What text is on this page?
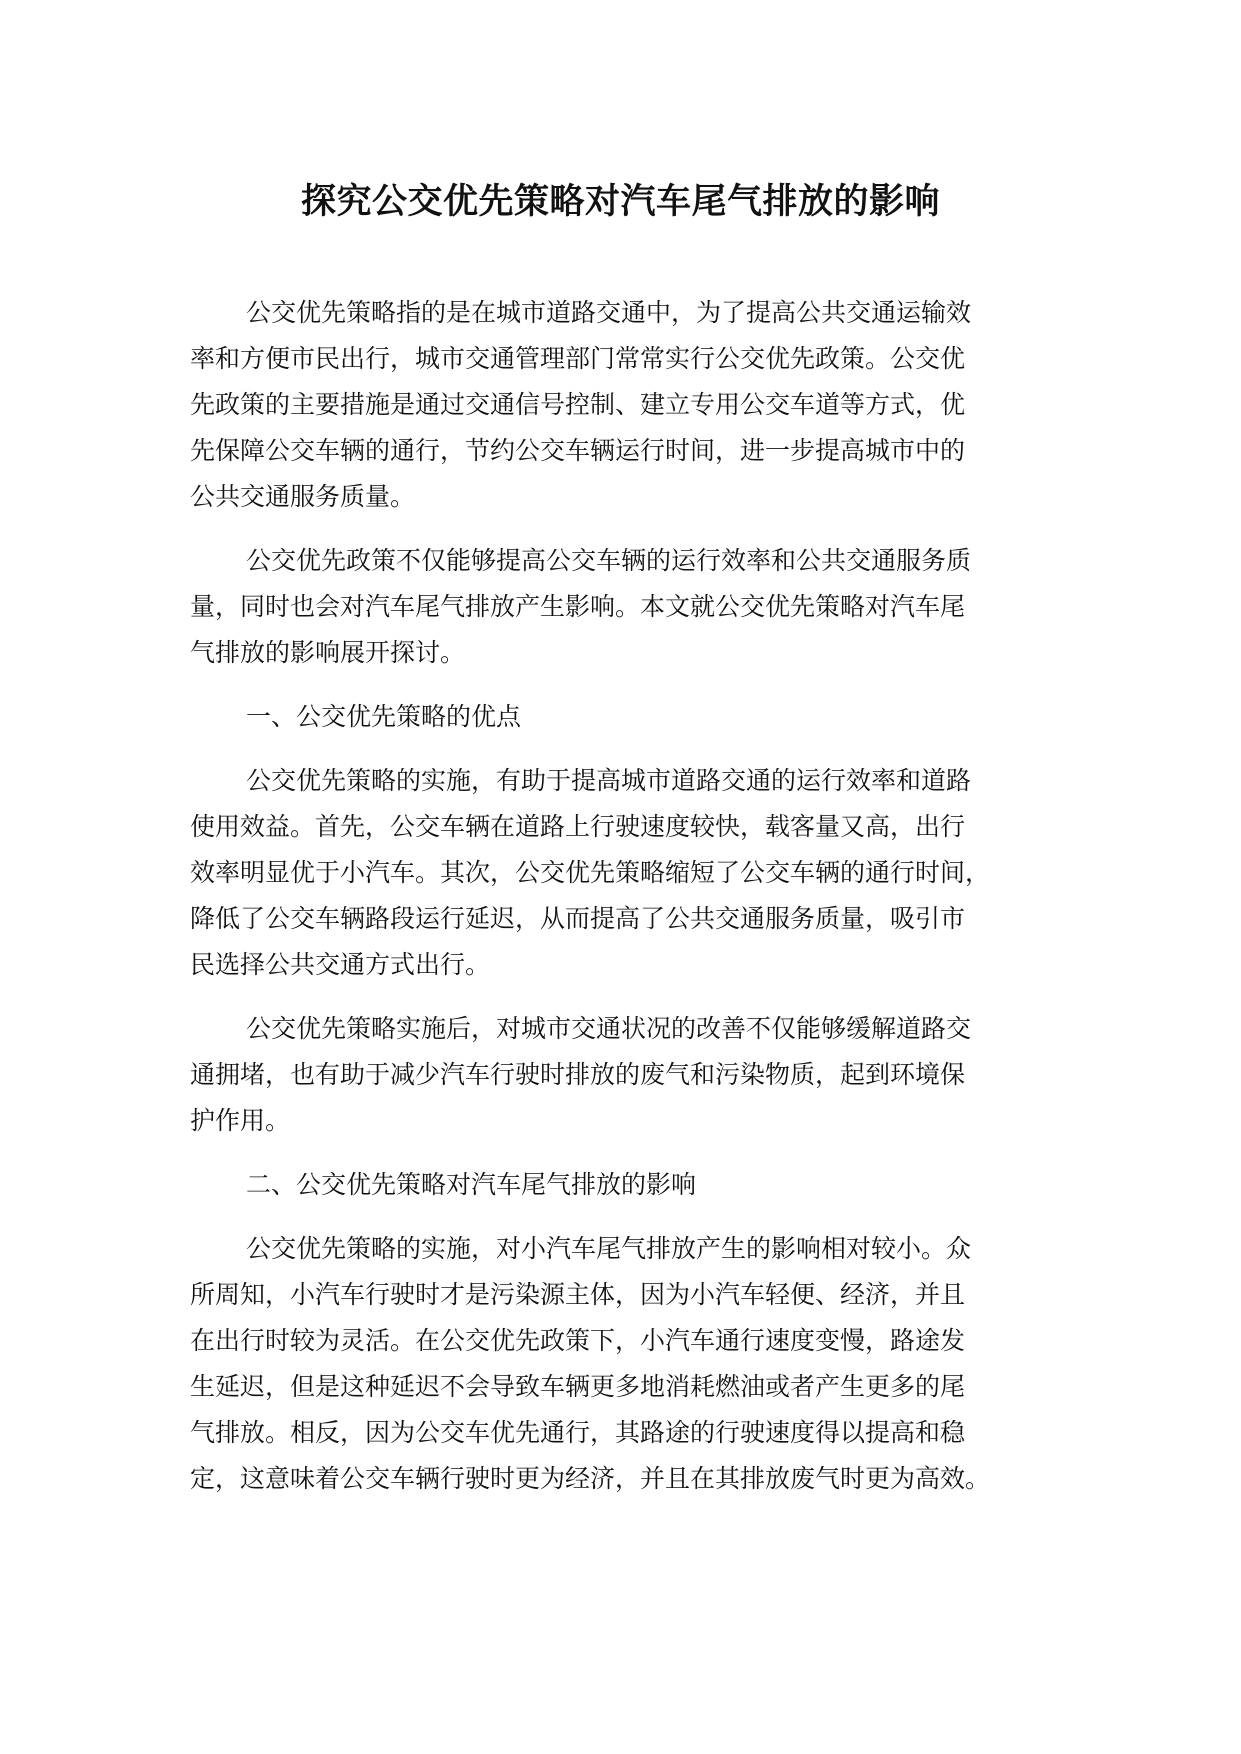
探究公交优先策略对汽车尾气排放的影响
公交优先策略指的是在城市道路交通中，为了提高公共交通运输效
率和方便市民出行，城市交通管理部门常常实行公交优先政策。公交优
先政策的主要措施是通过交通信号控制、建立专用公交车道等方式，优
先保障公交车辆的通行，节约公交车辆运行时间，进一步提高城市中的
公共交通服务质量。
公交优先政策不仅能够提高公交车辆的运行效率和公共交通服务质
量，同时也会对汽车尾气排放产生影响。本文就公交优先策略对汽车尾
气排放的影响展开探讨。
一、公交优先策略的优点
公交优先策略的实施，有助于提高城市道路交通的运行效率和道路
使用效益。首先，公交车辆在道路上行驶速度较快，载客量又高，出行
效率明显优于小汽车。其次，公交优先策略缩短了公交车辆的通行时间，
降低了公交车辆路段运行延迟，从而提高了公共交通服务质量，吸引市
民选择公共交通方式出行。
公交优先策略实施后，对城市交通状况的改善不仅能够缓解道路交
通拥堵，也有助于减少汽车行驶时排放的废气和污染物质，起到环境保
护作用。
二、公交优先策略对汽车尾气排放的影响
公交优先策略的实施，对小汽车尾气排放产生的影响相对较小。众
所周知，小汽车行驶时才是污染源主体，因为小汽车轻便、经济，并且
在出行时较为灵活。在公交优先政策下，小汽车通行速度变慢，路途发
生延迟，但是这种延迟不会导致车辆更多地消耗燃油或者产生更多的尾
气排放。相反，因为公交车优先通行，其路途的行驶速度得以提高和稳
定，这意味着公交车辆行驶时更为经济，并且在其排放废气时更为高效。
